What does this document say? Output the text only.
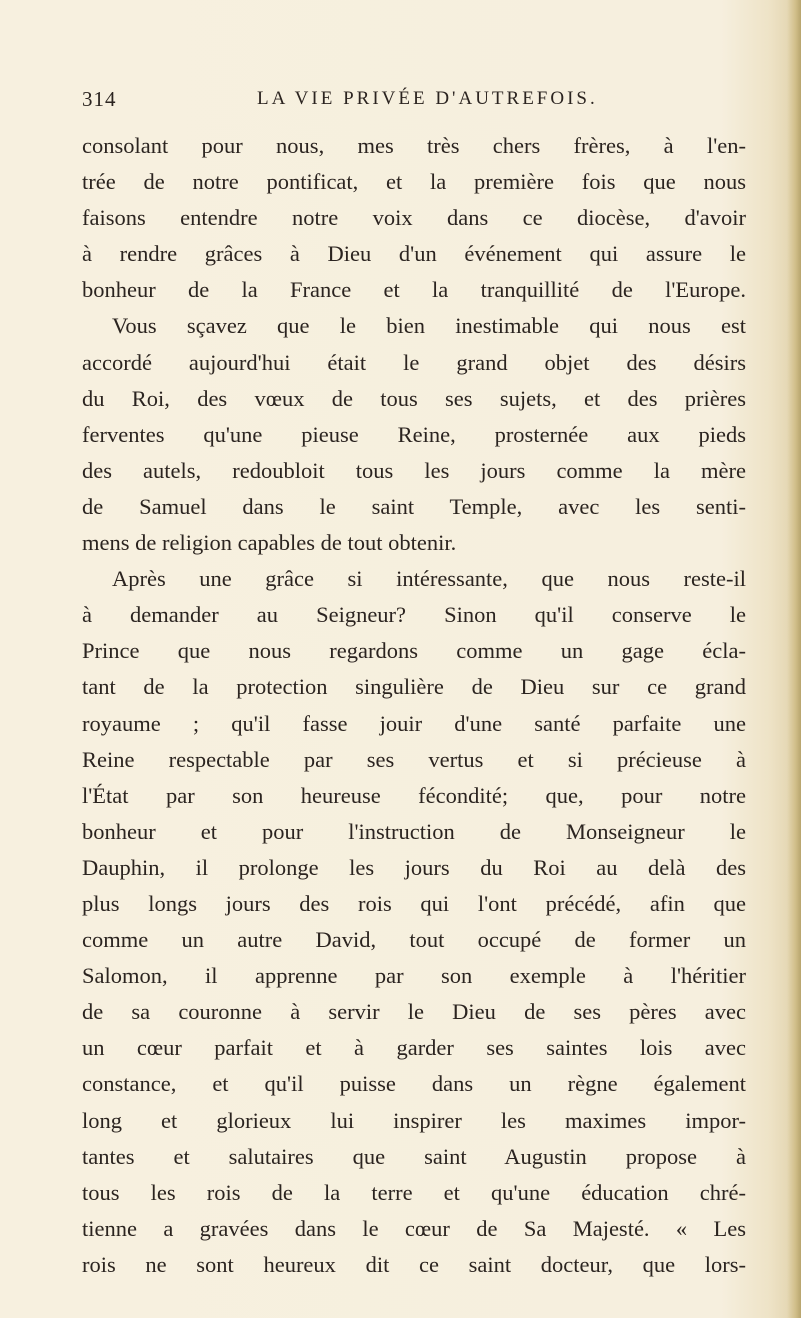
314	LA VIE PRIVÉE D'AUTREFOIS.
consolant pour nous, mes très chers frères, à l'en-
trée de notre pontificat, et la première fois que nous
faisons entendre notre voix dans ce diocèse, d'avoir
à rendre grâces à Dieu d'un événement qui assure le
bonheur de la France et la tranquillité de l'Europe.
Vous sçavez que le bien inestimable qui nous est
accordé aujourd'hui était le grand objet des désirs
du Roi, des vœux de tous ses sujets, et des prières
ferventes qu'une pieuse Reine, prosternée aux pieds
des autels, redoubloit tous les jours comme la mère
de Samuel dans le saint Temple, avec les senti-
mens de religion capables de tout obtenir.
Après une grâce si intéressante, que nous reste-il
à demander au Seigneur? Sinon qu'il conserve le
Prince que nous regardons comme un gage écla-
tant de la protection singulière de Dieu sur ce grand
royaume ; qu'il fasse jouir d'une santé parfaite une
Reine respectable par ses vertus et si précieuse à
l'État par son heureuse fécondité; que, pour notre
bonheur et pour l'instruction de Monseigneur le
Dauphin, il prolonge les jours du Roi au delà des
plus longs jours des rois qui l'ont précédé, afin que
comme un autre David, tout occupé de former un
Salomon, il apprenne par son exemple à l'héritier
de sa couronne à servir le Dieu de ses pères avec
un cœur parfait et à garder ses saintes lois avec
constance, et qu'il puisse dans un règne également
long et glorieux lui inspirer les maximes impor-
tantes et salutaires que saint Augustin propose à
tous les rois de la terre et qu'une éducation chré-
tienne a gravées dans le cœur de Sa Majesté. « Les
rois ne sont heureux dit ce saint docteur, que lors-
